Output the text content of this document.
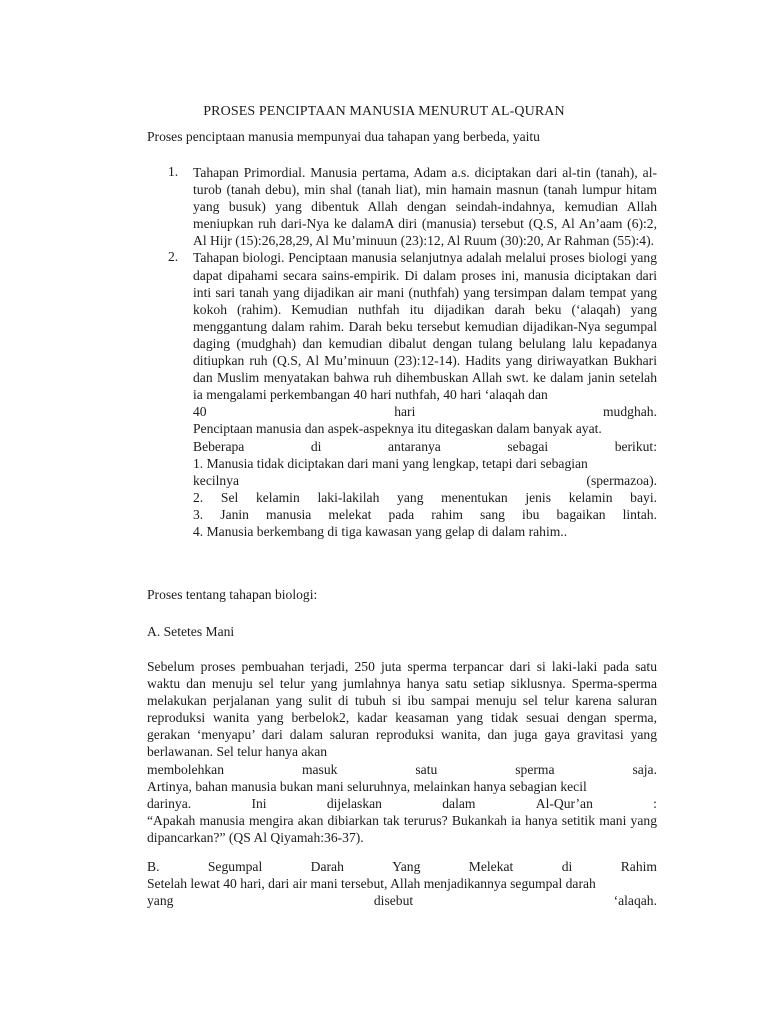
PROSES PENCIPTAAN MANUSIA MENURUT AL-QURAN
Proses penciptaan manusia mempunyai dua tahapan yang berbeda, yaitu
1. Tahapan Primordial. Manusia pertama, Adam a.s. diciptakan dari al-tin (tanah), al-turob (tanah debu), min shal (tanah liat), min hamain masnun (tanah lumpur hitam yang busuk) yang dibentuk Allah dengan seindah-indahnya, kemudian Allah meniupkan ruh dari-Nya ke dalamA diri (manusia) tersebut (Q.S, Al An’aam (6):2, Al Hijr (15):26,28,29, Al Mu’minuun (23):12, Al Ruum (30):20, Ar Rahman (55):4).
2. Tahapan biologi. Penciptaan manusia selanjutnya adalah melalui proses biologi yang dapat dipahami secara sains-empirik. Di dalam proses ini, manusia diciptakan dari inti sari tanah yang dijadikan air mani (nuthfah) yang tersimpan dalam tempat yang kokoh (rahim). Kemudian nuthfah itu dijadikan darah beku (‘alaqah) yang menggantung dalam rahim. Darah beku tersebut kemudian dijadikan-Nya segumpal daging (mudghah) dan kemudian dibalut dengan tulang belulang lalu kepadanya ditiupkan ruh (Q.S, Al Mu’minuun (23):12-14). Hadits yang diriwayatkan Bukhari dan Muslim menyatakan bahwa ruh dihembuskan Allah swt. ke dalam janin setelah ia mengalami perkembangan 40 hari nuthfah, 40 hari ‘alaqah dan
40	hari	mudghah.
Penciptaan manusia dan aspek-aspeknya itu ditegaskan dalam banyak ayat.
Beberapa	di	antaranya	sebagai	berikut:
1. Manusia tidak diciptakan dari mani yang lengkap, tetapi dari sebagian
kecilnya	(spermazoa).
2. Sel kelamin laki-lakilah yang menentukan jenis kelamin bayi.
3. Janin manusia melekat pada rahim sang ibu bagaikan lintah.
4. Manusia berkembang di tiga kawasan yang gelap di dalam rahim..
Proses tentang tahapan biologi:
A. Setetes Mani
Sebelum proses pembuahan terjadi, 250 juta sperma terpancar dari si laki-laki pada satu waktu dan menuju sel telur yang jumlahnya hanya satu setiap siklusnya. Sperma-sperma melakukan perjalanan yang sulit di tubuh si ibu sampai menuju sel telur karena saluran reproduksi wanita yang berbelok2, kadar keasaman yang tidak sesuai dengan sperma, gerakan ‘menyapu’ dari dalam saluran reproduksi wanita, dan juga gaya gravitasi yang berlawanan. Sel telur hanya akan
membolehkan	masuk	satu	sperma	saja.
Artinya, bahan manusia bukan mani seluruhnya, melainkan hanya sebagian kecil
darinya.	Ini	dijelaskan	dalam	Al-Qur’an	:
“Apakah manusia mengira akan dibiarkan tak terurus? Bukankah ia hanya setitik mani yang dipancarkan?” (QS Al Qiyamah:36-37).
B.	Segumpal	Darah	Yang	Melekat	di	Rahim
Setelah lewat 40 hari, dari air mani tersebut, Allah menjadikannya segumpal darah
yang	disebut	‘alaqah.
